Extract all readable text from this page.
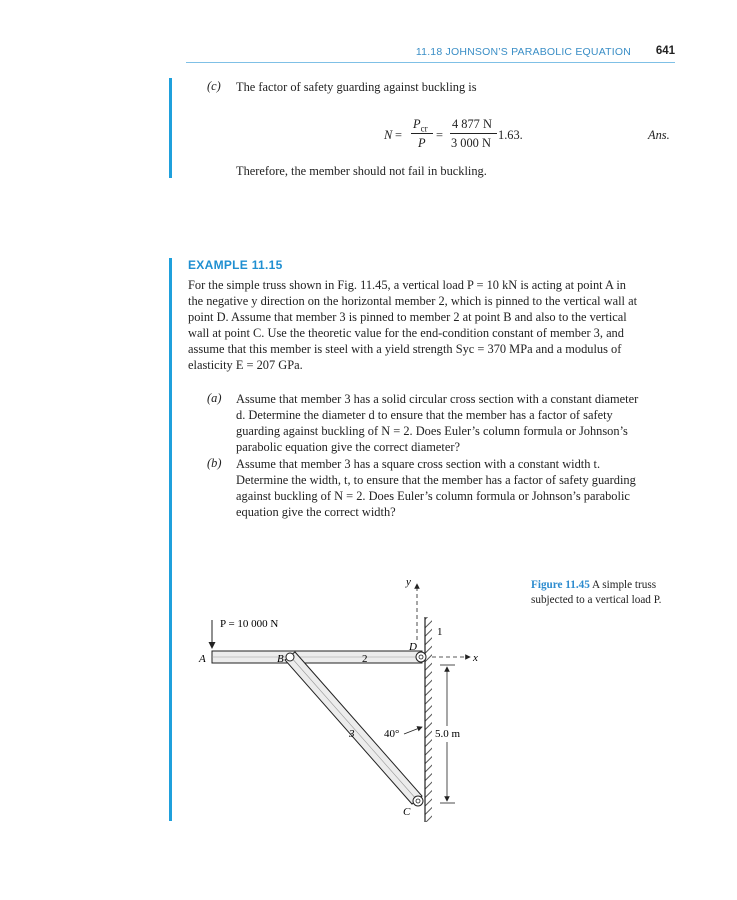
11.18 JOHNSON’S PARABOLIC EQUATION 641
(c) The factor of safety guarding against buckling is
N =
$P_{cr}$
P
=
4 877 N
3 000 N
1.63.	Ans.
Therefore, the member should not fail in buckling.
EXAMPLE 11.15
For the simple truss shown in Fig. 11.45, a vertical load P = 10 kN is acting at point A in
the negative y direction on the horizontal member 2, which is pinned to the vertical wall at
point D. Assume that member 3 is pinned to member 2 at point B and also to the vertical
wall at point C. Use the theoretic value for the end-condition constant of member 3, and
assume that this member is steel with a yield strength Syc = 370 MPa and a modulus of
elasticity E = 207 GPa.
(a) Assume that member 3 has a solid circular cross section with a constant diameter
d. Determine the diameter d to ensure that the member has a factor of safety
guarding against buckling of N = 2. Does Euler’s column formula or Johnson’s
parabolic equation give the correct diameter?
(b) Assume that member 3 has a square cross section with a constant width t.
Determine the width, t, to ensure that the member has a factor of safety guarding
against buckling of N = 2. Does Euler’s column formula or Johnson’s parabolic
equation give the correct width?
Figure 11.45 A simple truss subjected to a vertical load P.
P = 10 000 N
A	B	2
D
1
y
x
3	40°	5.0 m
C
